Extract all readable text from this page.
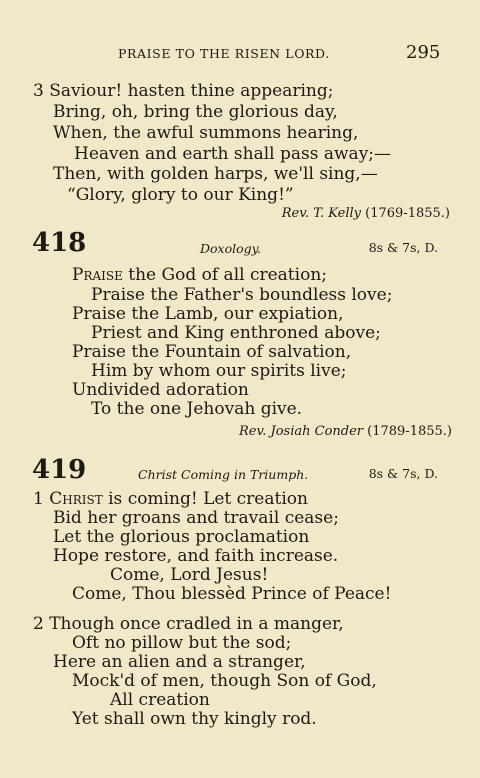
PRAISE TO THE RISEN LORD.	295
3 Saviour! hasten thine appearing;
Bring, oh, bring the glorious day,
When, the awful summons hearing,
Heaven and earth shall pass away;—
Then, with golden harps, we'll sing,—
“Glory, glory to our King!”
Rev. T. Kelly (1769-1855.)
418	Doxology.	8s & 7s, D.
Praise the God of all creation;
Praise the Father's boundless love;
Praise the Lamb, our expiation,
Priest and King enthroned above;
Praise the Fountain of salvation,
Him by whom our spirits live;
Undivided adoration
To the one Jehovah give.
Rev. Josiah Conder (1789-1855.)
419	Christ Coming in Triumph.	8s & 7s, D.
1 Christ is coming! Let creation
Bid her groans and travail cease;
Let the glorious proclamation
Hope restore, and faith increase.
Come, Lord Jesus!
Come, Thou blessèd Prince of Peace!
2 Though once cradled in a manger,
Oft no pillow but the sod;
Here an alien and a stranger,
Mock'd of men, though Son of God,
All creation
Yet shall own thy kingly rod.
